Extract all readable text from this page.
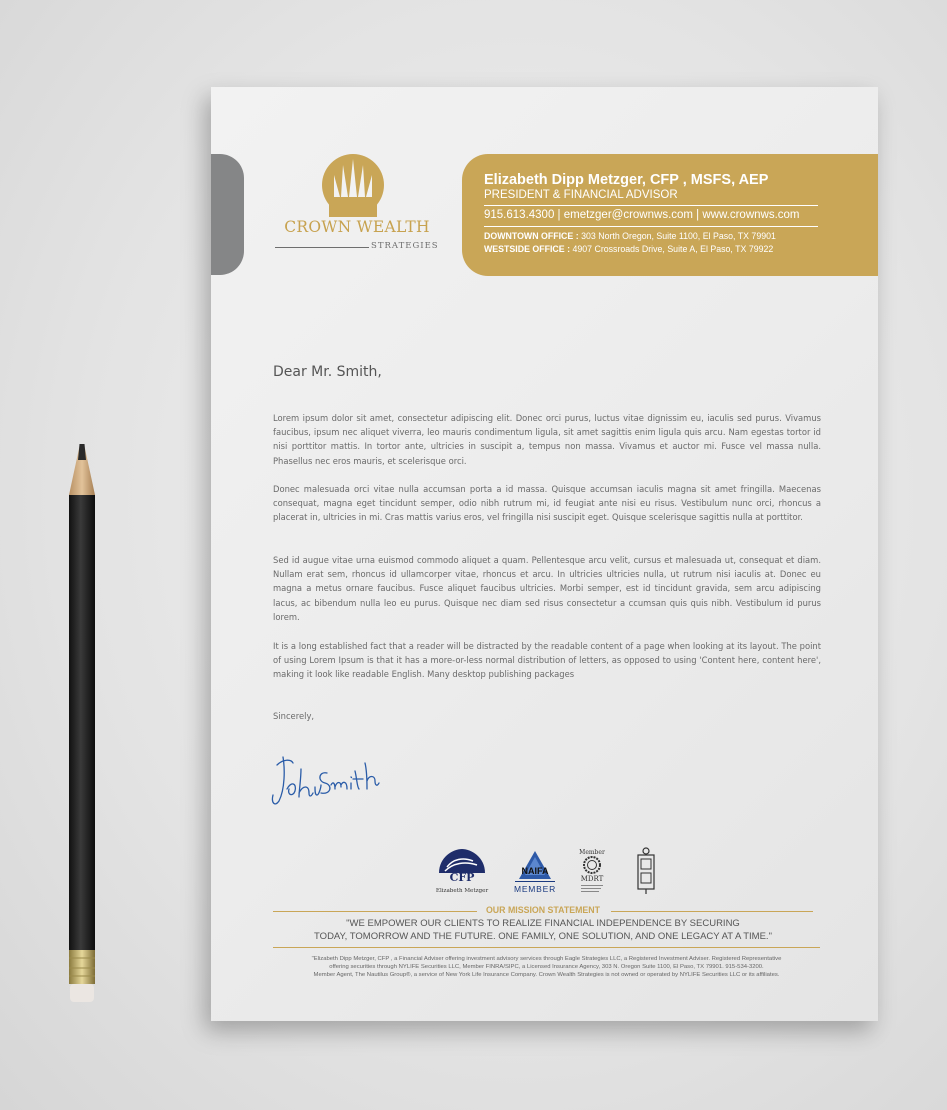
CROWN WEALTH
STRATEGIES
Elizabeth Dipp Metzger, CFP , MSFS, AEP
PRESIDENT & FINANCIAL ADVISOR
915.613.4300 | emetzger@crownws.com | www.crownws.com
DOWNTOWN OFFICE : 303 North Oregon, Suite 1100, El Paso, TX 79901
WESTSIDE OFFICE : 4907 Crossroads Drive, Suite A, El Paso, TX 79922
Dear Mr. Smith,
Lorem ipsum dolor sit amet, consectetur adipiscing elit. Donec orci purus, luctus vitae dignissim eu, iaculis sed purus. Vivamus faucibus, ipsum nec aliquet viverra, leo mauris condimentum ligula, sit amet sagittis enim ligula quis arcu. Nam egestas tortor id nisi porttitor mattis. In tortor ante, ultricies in suscipit a, tempus non massa. Vivamus et auctor mi. Fusce vel massa nulla. Phasellus nec eros mauris, et scelerisque orci.
Donec malesuada orci vitae nulla accumsan porta a id massa. Quisque accumsan iaculis magna sit amet fringilla. Maecenas consequat, magna eget tincidunt semper, odio nibh rutrum mi, id feugiat ante nisi eu risus. Vestibulum nunc orci, rhoncus a placerat in, ultricies in mi. Cras mattis varius eros, vel fringilla nisi suscipit eget. Quisque scelerisque sagittis nulla at porttitor.
Sed id augue vitae urna euismod commodo aliquet a quam. Pellentesque arcu velit, cursus et malesuada ut, consequat et diam. Nullam erat sem, rhoncus id ullamcorper vitae, rhoncus et arcu. In ultricies ultricies nulla, ut rutrum nisi iaculis at. Donec eu magna a metus ornare faucibus. Fusce aliquet faucibus ultricies. Morbi semper, est id tincidunt gravida, sem arcu adipiscing lacus, ac bibendum nulla leo eu purus. Quisque nec diam sed risus consectetur a ccumsan quis quis nibh. Vestibulum id purus lorem.
It is a long established fact that a reader will be distracted by the readable content of a page when looking at its layout. The point of using Lorem Ipsum is that it has a more-or-less normal distribution of letters, as opposed to using 'Content here, content here', making it look like readable English. Many desktop publishing packages
Sincerely,
CFP
Elizabeth Metzger
NAIFA
MEMBER
Member
MDRT
OUR MISSION STATEMENT
"WE EMPOWER OUR CLIENTS TO REALIZE FINANCIAL INDEPENDENCE BY SECURING
TODAY, TOMORROW AND THE FUTURE. ONE FAMILY, ONE SOLUTION, AND ONE LEGACY AT A TIME."
"Elizabeth Dipp Metzger, CFP , a Financial Adviser offering investment advisory services through Eagle Strategies LLC, a Registered Investment Adviser. Registered Representative
offering securities through NYLIFE Securities LLC, Member FINRA/SIPC, a Licensed Insurance Agency, 303 N. Oregon Suite 1100, El Paso, TX 79901. 915-534-3200.
Member Agent, The Nautilus Group®, a service of New York Life Insurance Company. Crown Wealth Strategies is not owned or operated by NYLIFE Securities LLC or its affiliates.
